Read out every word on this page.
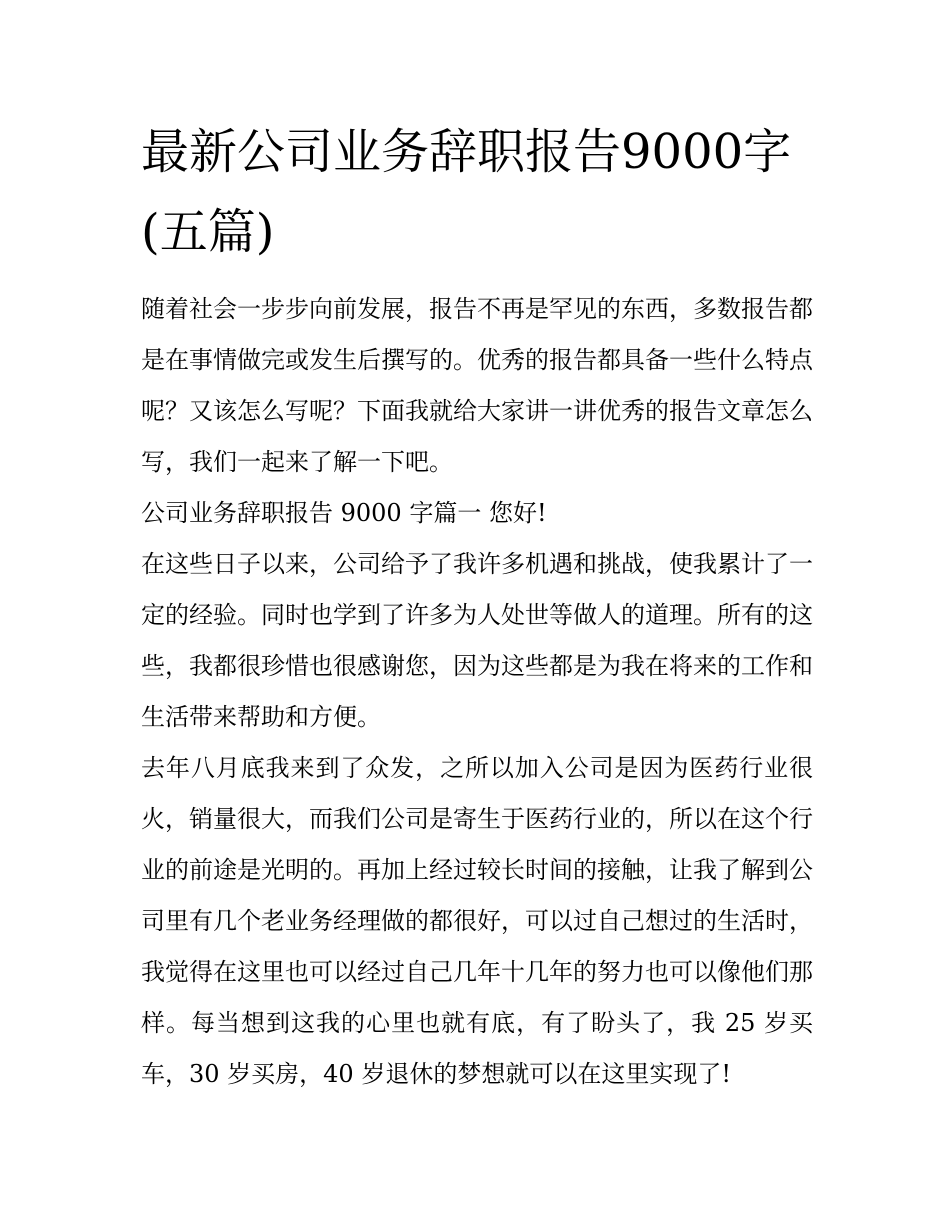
最新公司业务辞职报告9000字(五篇)

随着社会一步步向前发展，报告不再是罕见的东西，多数报告都是在事情做完或发生后撰写的。优秀的报告都具备一些什么特点呢？又该怎么写呢？下面我就给大家讲一讲优秀的报告文章怎么写，我们一起来了解一下吧。

公司业务辞职报告 9000 字篇一 您好!

在这些日子以来，公司给予了我许多机遇和挑战，使我累计了一定的经验。同时也学到了许多为人处世等做人的道理。所有的这些，我都很珍惜也很感谢您，因为这些都是为我在将来的工作和生活带来帮助和方便。

去年八月底我来到了众发，之所以加入公司是因为医药行业很火，销量很大，而我们公司是寄生于医药行业的，所以在这个行业的前途是光明的。再加上经过较长时间的接触，让我了解到公司里有几个老业务经理做的都很好，可以过自己想过的生活时，我觉得在这里也可以经过自己几年十几年的努力也可以像他们那样。每当想到这我的心里也就有底，有了盼头了，我 25 岁买车，30 岁买房，40 岁退休的梦想就可以在这里实现了!
